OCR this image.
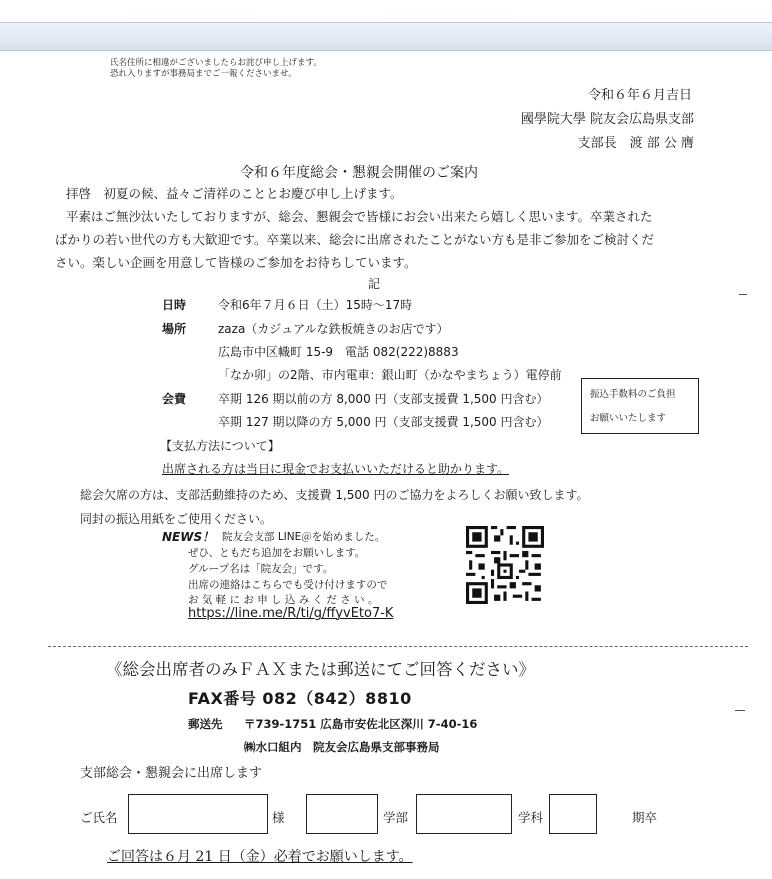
氏名住所に相違がございましたらお詫び申し上げます。
恐れ入りますが事務局までご一報くださいませ。
令和６年６月吉日
國學院大學 院友会広島県支部
支部長　渡 部 公 膺
令和６年度総会・懇親会開催のご案内
拝啓　初夏の候、益々ご清祥のこととお慶び申し上げます。
平素はご無沙汰いたしておりますが、総会、懇親会で皆様にお会い出来たら嬉しく思います。卒業された
ばかりの若い世代の方も大歓迎です。卒業以来、総会に出席されたことがない方も是非ご参加をご検討くだ
さい。楽しい企画を用意して皆様のご参加をお待ちしています。
記
日時	令和6年７月６日（土）15時～17時
場所	zaza（カジュアルな鉄板焼きのお店です）
広島市中区幟町 15-9　電話 082(222)8883
「なか卯」の2階、市内電車：銀山町（かなやまちょう）電停前
会費	卒期 126 期以前の方 8,000 円（支部支援費 1,500 円含む）
卒期 127 期以降の方 5,000 円（支部支援費 1,500 円含む）
振込手数料のご負担
お願いいたします
【支払方法について】
出席される方は当日に現金でお支払いいただけると助かります。
総会欠席の方は、支部活動維持のため、支援費 1,500 円のご協力をよろしくお願い致します。
同封の振込用紙をご使用ください。
NEWS！ 院友会支部 LINE＠を始めました。
ぜひ、ともだち追加をお願いします。
グループ名は「院友会」です。
出席の連絡はこちらでも受け付けますので
お 気 軽 に お 申 し 込 み く だ さ い 。
https://line.me/R/ti/g/ffyvEto7-K
《総会出席者のみＦＡＸまたは郵送にてご回答ください》
FAX番号 082（842）8810
郵送先 〒739-1751 広島市安佐北区深川 7-40-16
㈱水口組内　院友会広島県支部事務局
支部総会・懇親会に出席します
ご氏名	様	学部	学科	期卒
ご回答は６月 21 日（金）必着でお願いします。
